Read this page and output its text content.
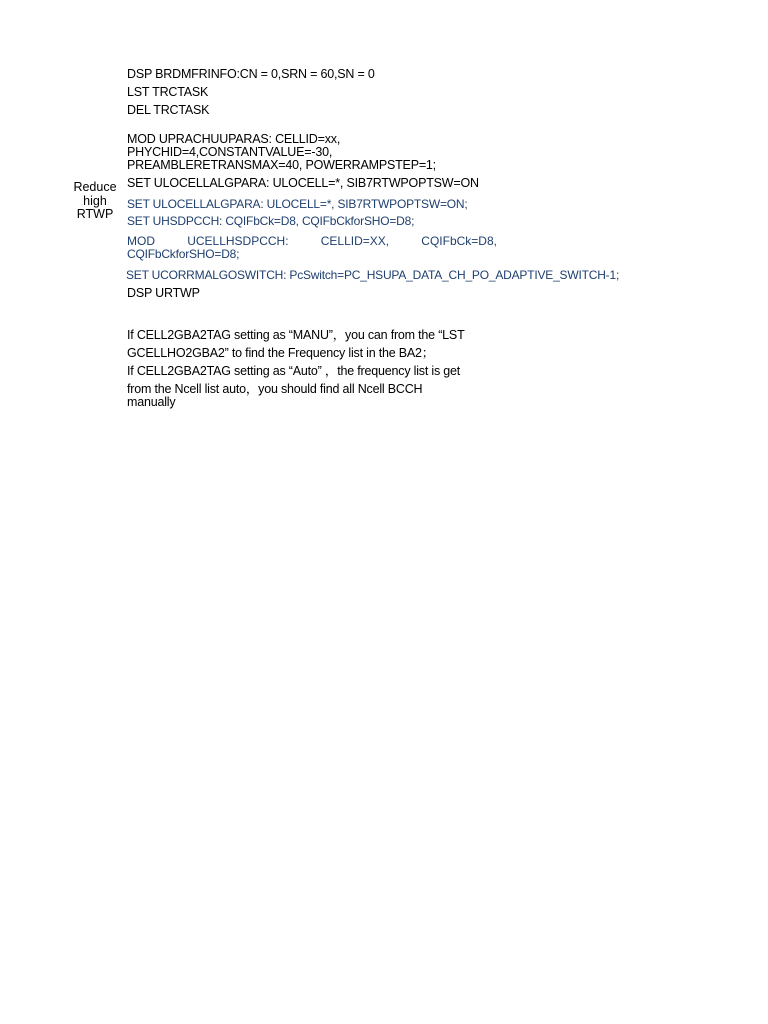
Reduce
high
RTWP
DSP BRDMFRINFO:CN = 0,SRN = 60,SN = 0
LST TRCTASK
DEL TRCTASK
MOD UPRACHUUPARAS: CELLID=xx,
PHYCHID=4,CONSTANTVALUE=-30,
PREAMBLERETRANSMAX=40, POWERRAMPSTEP=1;
SET ULOCELLALGPARA: ULOCELL=*, SIB7RTWPOPTSW=ON
SET ULOCELLALGPARA: ULOCELL=*, SIB7RTWPOPTSW=ON;
SET UHSDPCCH: CQIFbCk=D8, CQIFbCkforSHO=D8;
MOD	UCELLHSDPCCH:	CELLID=XX,	CQIFbCk=D8,
CQIFbCkforSHO=D8;
SET UCORRMALGOSWITCH: PcSwitch=PC_HSUPA_DATA_CH_PO_ADAPTIVE_SWITCH-1;
DSP URTWP
If CELL2GBA2TAG setting as “MANU”，you can from the “LST
GCELLHO2GBA2” to find the Frequency list in the BA2；
If CELL2GBA2TAG setting as “Auto” ，the frequency list is get
from the Ncell list auto，you should find all Ncell BCCH
manually
